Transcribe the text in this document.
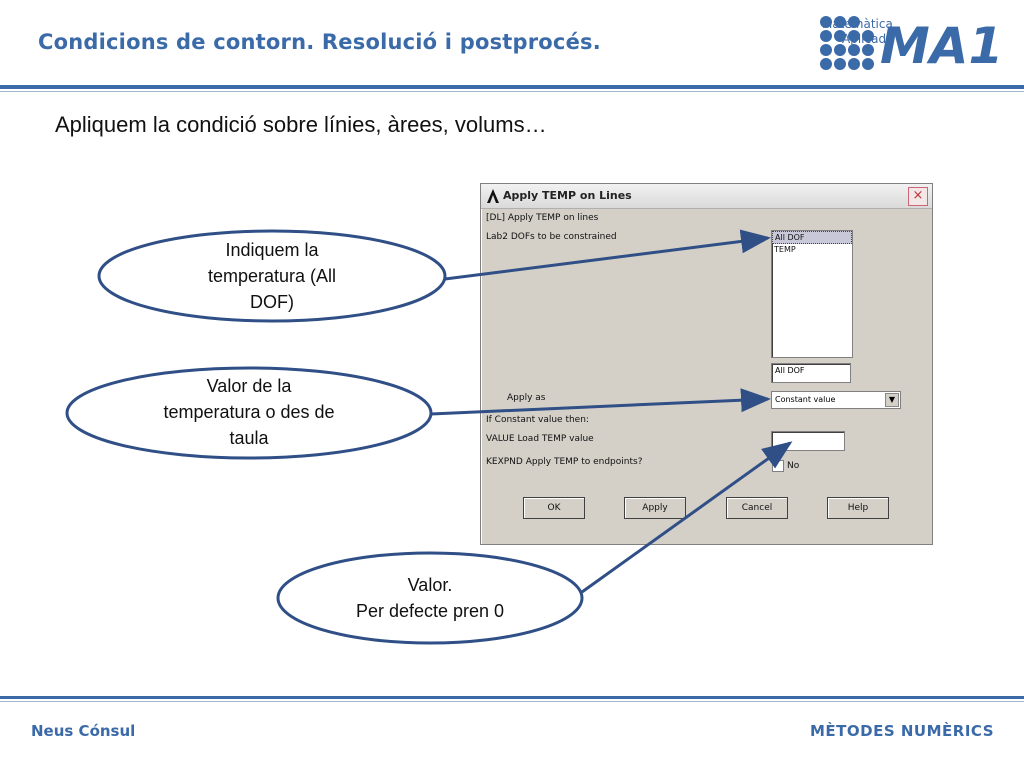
Condicions de contorn. Resolució i postprocés.
Matemàtica
Aplicada
MA1
Apliquem la condició sobre línies, àrees, volums…
Apply TEMP on Lines	×
[DL] Apply TEMP on lines
Lab2 DOFs to be constrained	All DOF
TEMP
All DOF
Apply as	Constant value	▼
If Constant value then:
VALUE Load TEMP value
KEXPND Apply TEMP to endpoints?	No
OK	Apply	Cancel	Help
Indiquem la
temperatura (All
DOF)
Valor de la
temperatura o des de
taula
Valor.
Per defecte pren 0
Neus Cónsul	MÈTODES NUMÈRICS
